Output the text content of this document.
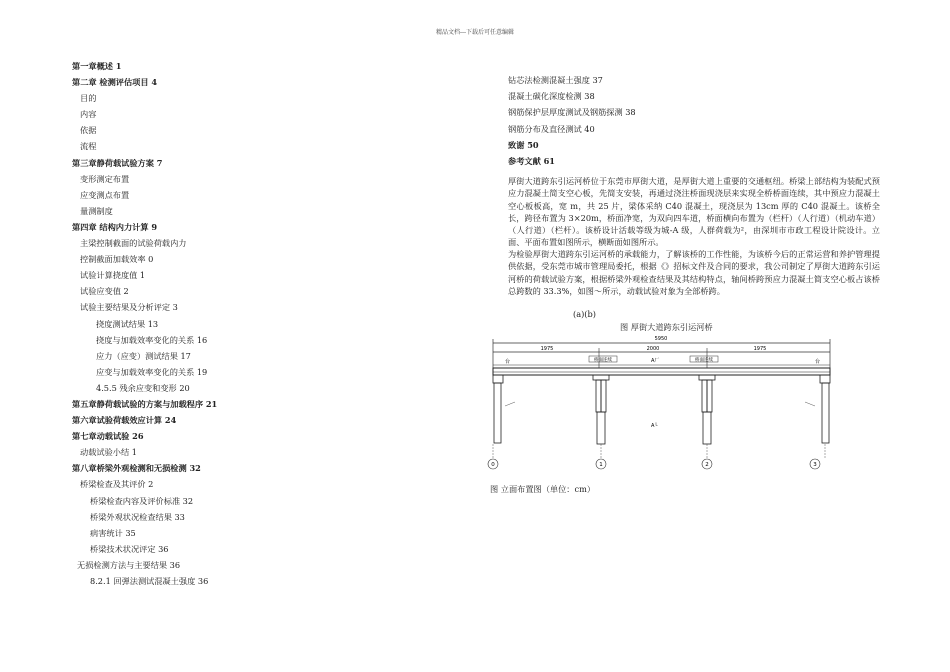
精品文档---下载后可任意编辑
第一章概述 1
第二章 检测评估项目 4
目的
内容
依据
流程
第三章静荷载试验方案 7
变形测定布置
应变测点布置
量测制度
第四章 结构内力计算 9
主梁控制截面的试验荷载内力
控制截面加载效率 0
试验计算挠度值 1
试验应变值 2
试验主要结果及分析评定 3
挠度测试结果 13
挠度与加载效率变化的关系 16
应力（应变）测试结果 17
应变与加载效率变化的关系 19
4.5.5 残余应变和变形 20
第五章静荷载试验的方案与加载程序 21
第六章试验荷载效应计算 24
第七章动载试验 26
动载试验小结 1
第八章桥梁外观检测和无损检测 32
桥梁检查及其评价 2
桥梁检查内容及评价标准 32
桥梁外观状况检查结果 33
病害统计 35
桥梁技术状况评定 36
无损检测方法与主要结果 36
8.2.1 回弹法测试混凝土强度 36
钻芯法检测混凝土强度 37
混凝土碳化深度检测 38
钢筋保护层厚度测试及钢筋探测 38
钢筋分布及直径测试 40
致谢 50
参考文献 61
厚街大道跨东引运河桥位于东莞市厚街大道，是厚街大道上重要的交通枢纽。桥梁上部结构为装配式预应力混凝土简支空心板，先简支安装，再通过浇注桥面现浇层来实现全桥桥面连续，其中预应力混凝土空心板板高，宽 m，共 25 片，梁体采纳 C40 混凝土，现浇层为 13cm 厚的 C40 混凝土。该桥全长，跨径布置为 3×20m，桥面净宽，为双向四车道，桥面横向布置为（栏杆）（人行道）（机动车道）（人行道）（栏杆）。该桥设计活载等级为城-A 级，人群荷载为²，由深圳市市政工程设计院设计。立面、平面布置如图所示，横断面如图所示。
为检验厚街大道跨东引运河桥的承载能力，了解该桥的工作性能，为该桥今后的正常运营和养护管理提供依据，受东莞市城市管理局委托，根据《》招标文件及合同的要求，我公司制定了厚街大道跨东引运河桥的荷载试验方案，根据桥梁外观检查结果及其结构特点，轴间桥跨预应力混凝土简支空心板占该桥总跨数的 33.3%，如图～所示，动载试验对象为全部桥跨。
(a)(b)
图 厚街大道跨东引运河桥
5950
1975	2000	1975
台	台
桥面连续	桥面连续
A厂
A└
0	1	2	3
图 立面布置图（单位：cm）
